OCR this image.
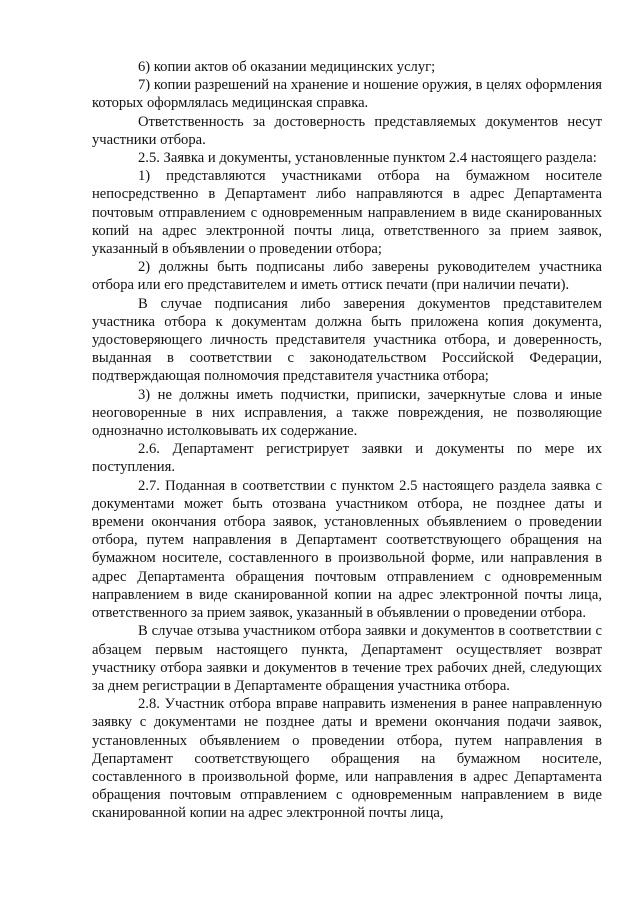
6) копии актов об оказании медицинских услуг;

7) копии разрешений на хранение и ношение оружия, в целях оформления которых оформлялась медицинская справка.

Ответственность за достоверность представляемых документов несут участники отбора.

2.5. Заявка и документы, установленные пунктом 2.4 настоящего раздела:

1) представляются участниками отбора на бумажном носителе непосредственно в Департамент либо направляются в адрес Департамента почтовым отправлением с одновременным направлением в виде сканированных копий на адрес электронной почты лица, ответственного за прием заявок, указанный в объявлении о проведении отбора;

2) должны быть подписаны либо заверены руководителем участника отбора или его представителем и иметь оттиск печати (при наличии печати).

В случае подписания либо заверения документов представителем участника отбора к документам должна быть приложена копия документа, удостоверяющего личность представителя участника отбора, и доверенность, выданная в соответствии с законодательством Российской Федерации, подтверждающая полномочия представителя участника отбора;

3) не должны иметь подчистки, приписки, зачеркнутые слова и иные неоговоренные в них исправления, а также повреждения, не позволяющие однозначно истолковывать их содержание.

2.6. Департамент регистрирует заявки и документы по мере их поступления.

2.7. Поданная в соответствии с пунктом 2.5 настоящего раздела заявка с документами может быть отозвана участником отбора, не позднее даты и времени окончания отбора заявок, установленных объявлением о проведении отбора, путем направления в Департамент соответствующего обращения на бумажном носителе, составленного в произвольной форме, или направления в адрес Департамента обращения почтовым отправлением с одновременным направлением в виде сканированной копии на адрес электронной почты лица, ответственного за прием заявок, указанный в объявлении о проведении отбора.

В случае отзыва участником отбора заявки и документов в соответствии с абзацем первым настоящего пункта, Департамент осуществляет возврат участнику отбора заявки и документов в течение трех рабочих дней, следующих за днем регистрации в Департаменте обращения участника отбора.

2.8. Участник отбора вправе направить изменения в ранее направленную заявку с документами не позднее даты и времени окончания подачи заявок, установленных объявлением о проведении отбора, путем направления в Департамент соответствующего обращения на бумажном носителе, составленного в произвольной форме, или направления в адрес Департамента обращения почтовым отправлением с одновременным направлением в виде сканированной копии на адрес электронной почты лица,
